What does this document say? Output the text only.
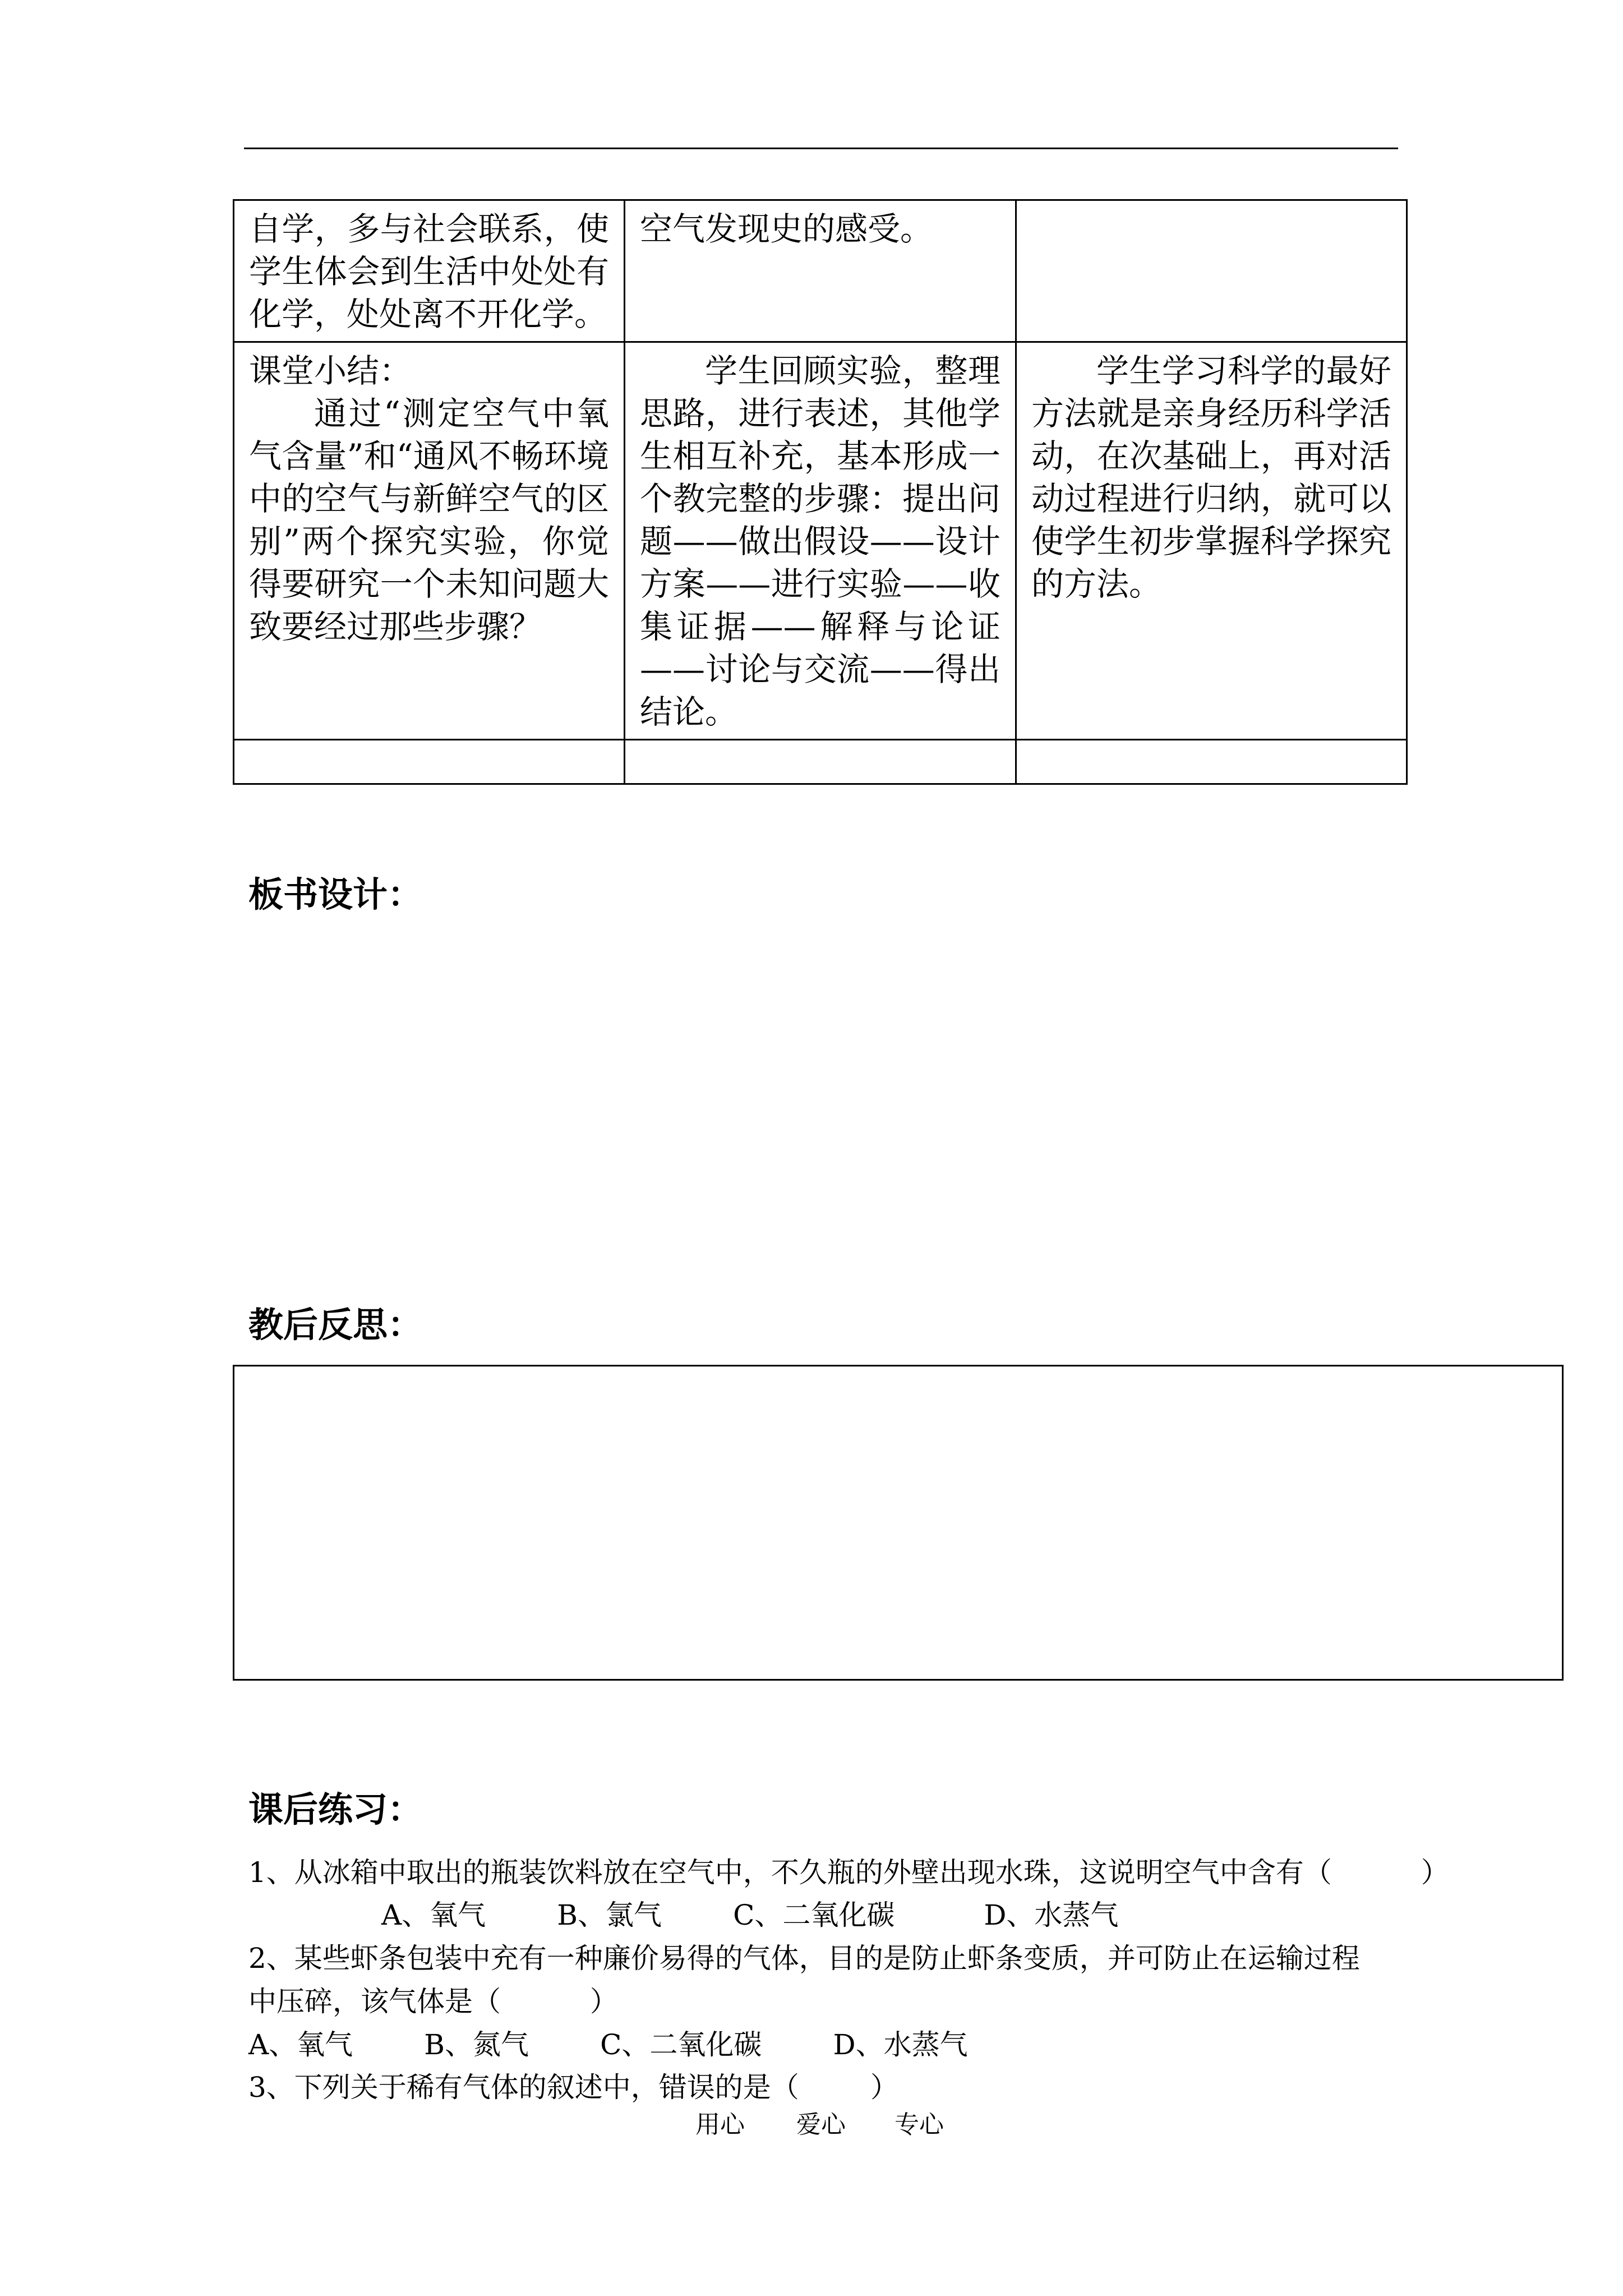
自学，多与社会联系，使学生体会到生活中处处有化学，处处离不开化学。	空气发现史的感受。	

课堂小结：
通过“测定空气中氧气含量”和“通风不畅环境中的空气与新鲜空气的区别”两个探究实验，你觉得要研究一个未知问题大致要经过那些步骤？	学生回顾实验，整理思路，进行表述，其他学生相互补充，基本形成一个教完整的步骤：提出问题——做出假设——设计方案——进行实验——收集证据——解释与论证——讨论与交流——得出结论。	学生学习科学的最好方法就是亲身经历科学活动，在次基础上，再对活动过程进行归纳，就可以使学生初步掌握科学探究的方法。

板书设计：
教后反思：
课后练习：
1、从冰箱中取出的瓶装饮料放在空气中，不久瓶的外壁出现水珠，这说明空气中含有（          ）
A、氧气        B、氯气        C、二氧化碳          D、水蒸气
2、某些虾条包装中充有一种廉价易得的气体，目的是防止虾条变质，并可防止在运输过程
中压碎，该气体是（          ）
A、氧气        B、氮气        C、二氧化碳        D、水蒸气
3、下列关于稀有气体的叙述中，错误的是（        ）
用心 爱心 专心
